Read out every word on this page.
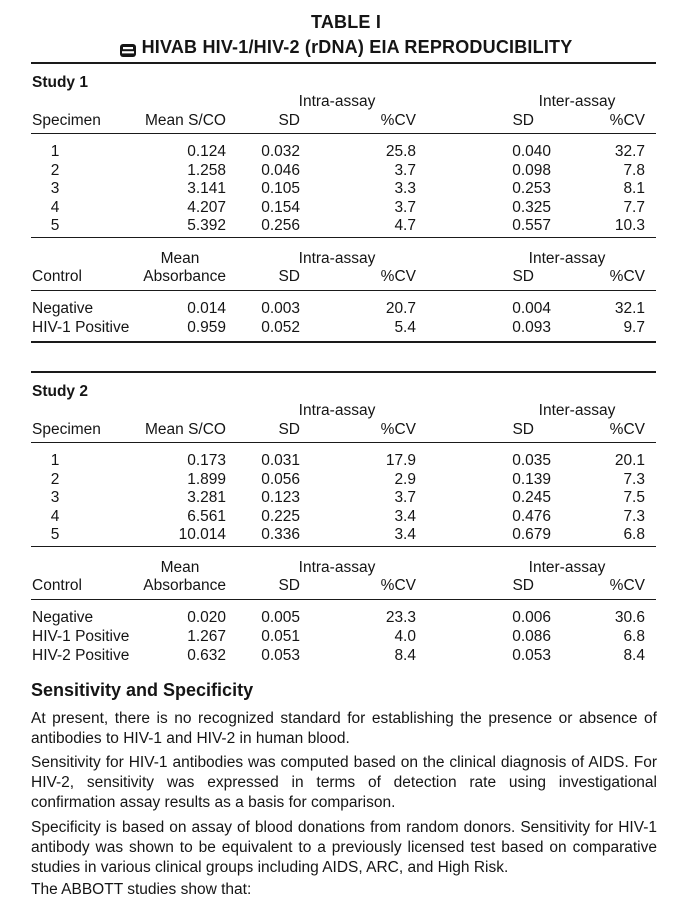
TABLE I
HIVAB HIV-1/HIV-2 (rDNA) EIA REPRODUCIBILITY
Study 1
Intra-assay	Inter-assay
Specimen	Mean S/CO	SD	%CV	SD	%CV
1	0.124	0.032	25.8	0.040	32.7
2	1.258	0.046	3.7	0.098	7.8
3	3.141	0.105	3.3	0.253	8.1
4	4.207	0.154	3.7	0.325	7.7
5	5.392	0.256	4.7	0.557	10.3
Mean	Intra-assay	Inter-assay
Control	Absorbance	SD	%CV	SD	%CV
Negative	0.014	0.003	20.7	0.004	32.1
HIV-1 Positive	0.959	0.052	5.4	0.093	9.7
Study 2
Intra-assay	Inter-assay
Specimen	Mean S/CO	SD	%CV	SD	%CV
1	0.173	0.031	17.9	0.035	20.1
2	1.899	0.056	2.9	0.139	7.3
3	3.281	0.123	3.7	0.245	7.5
4	6.561	0.225	3.4	0.476	7.3
5	10.014	0.336	3.4	0.679	6.8
Mean	Intra-assay	Inter-assay
Control	Absorbance	SD	%CV	SD	%CV
Negative	0.020	0.005	23.3	0.006	30.6
HIV-1 Positive	1.267	0.051	4.0	0.086	6.8
HIV-2 Positive	0.632	0.053	8.4	0.053	8.4
Sensitivity and Specificity

At present, there is no recognized standard for establishing the presence or absence of antibodies to HIV-1 and HIV-2 in human blood.

Sensitivity for HIV-1 antibodies was computed based on the clinical diagnosis of AIDS. For HIV-2, sensitivity was expressed in terms of detection rate using investigational confirmation assay results as a basis for comparison.

Specificity is based on assay of blood donations from random donors. Sensitivity for HIV-1 antibody was shown to be equivalent to a previously licensed test based on comparative studies in various clinical groups including AIDS, ARC, and High Risk.

The ABBOTT studies show that:
